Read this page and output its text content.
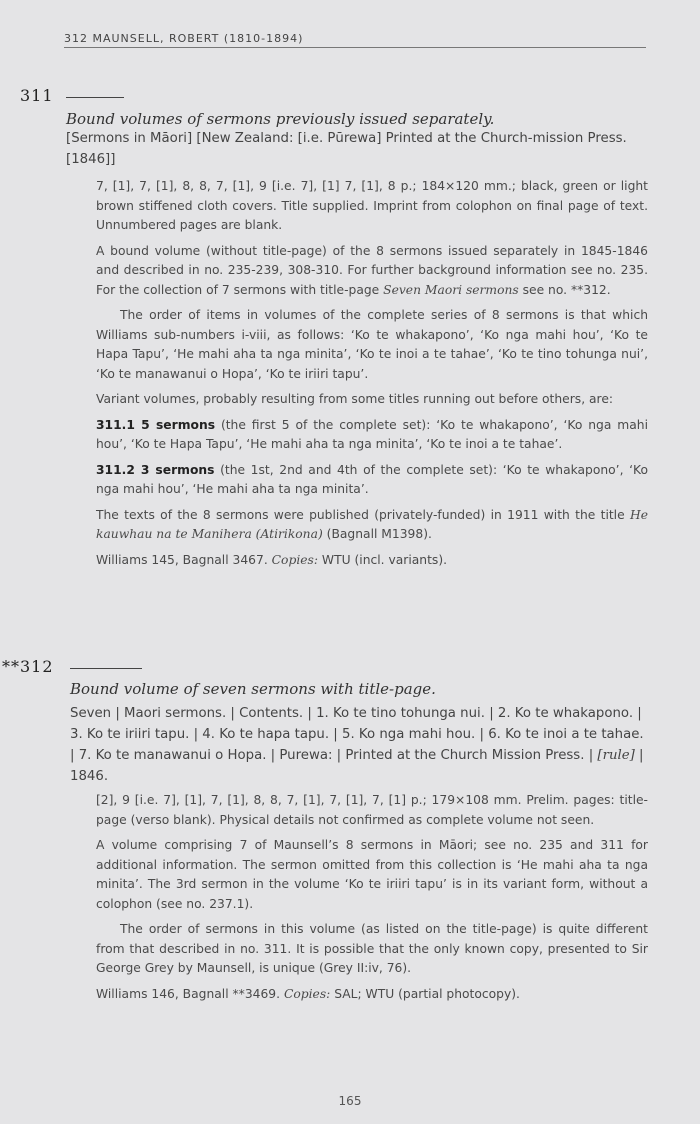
312 MAUNSELL, ROBERT (1810-1894)
311
Bound volumes of sermons previously issued separately.
[Sermons in Māori] [New Zealand: [i.e. Pūrewa] Printed at the Church-mission Press. [1846]]

7, [1], 7, [1], 8, 8, 7, [1], 9 [i.e. 7], [1] 7, [1], 8 p.; 184×120 mm.; black, green or light brown stiffened cloth covers. Title supplied. Imprint from colophon on final page of text. Unnumbered pages are blank.

A bound volume (without title-page) of the 8 sermons issued separately in 1845-1846 and described in no. 235-239, 308-310. For further background information see no. 235. For the collection of 7 sermons with title-page Seven Maori sermons see no. **312.

The order of items in volumes of the complete series of 8 sermons is that which Williams sub-numbers i-viii, as follows: ‘Ko te whakapono’, ‘Ko nga mahi hou’, ‘Ko te Hapa Tapu’, ‘He mahi aha ta nga minita’, ‘Ko te inoi a te tahae’, ‘Ko te tino tohunga nui’, ‘Ko te manawanui o Hopa’, ‘Ko te iriiri tapu’.

Variant volumes, probably resulting from some titles running out before others, are:

311.1 5 sermons (the first 5 of the complete set): ‘Ko te whakapono’, ‘Ko nga mahi hou’, ‘Ko te Hapa Tapu’, ‘He mahi aha ta nga minita’, ‘Ko te inoi a te tahae’.

311.2 3 sermons (the 1st, 2nd and 4th of the complete set): ‘Ko te whakapono’, ‘Ko nga mahi hou’, ‘He mahi aha ta nga minita’.

The texts of the 8 sermons were published (privately-funded) in 1911 with the title He kauwhau na te Manihera (Atirikona) (Bagnall M1398).

Williams 145, Bagnall 3467. Copies: WTU (incl. variants).

**312
Bound volume of seven sermons with title-page.
Seven | Maori sermons. | Contents. | 1. Ko te tino tohunga nui. | 2. Ko te whakapono. | 3. Ko te iriiri tapu. | 4. Ko te hapa tapu. | 5. Ko nga mahi hou. | 6. Ko te inoi a te tahae. | 7. Ko te manawanui o Hopa. | Purewa: | Printed at the Church Mission Press. | [rule] | 1846.

[2], 9 [i.e. 7], [1], 7, [1], 8, 8, 7, [1], 7, [1], 7, [1] p.; 179×108 mm. Prelim. pages: title-page (verso blank). Physical details not confirmed as complete volume not seen.

A volume comprising 7 of Maunsell’s 8 sermons in Māori; see no. 235 and 311 for additional information. The sermon omitted from this collection is ‘He mahi aha ta nga minita’. The 3rd sermon in the volume ‘Ko te iriiri tapu’ is in its variant form, without a colophon (see no. 237.1).

The order of sermons in this volume (as listed on the title-page) is quite different from that described in no. 311. It is possible that the only known copy, presented to Sir George Grey by Maunsell, is unique (Grey II:iv, 76).

Williams 146, Bagnall **3469. Copies: SAL; WTU (partial photocopy).

165
